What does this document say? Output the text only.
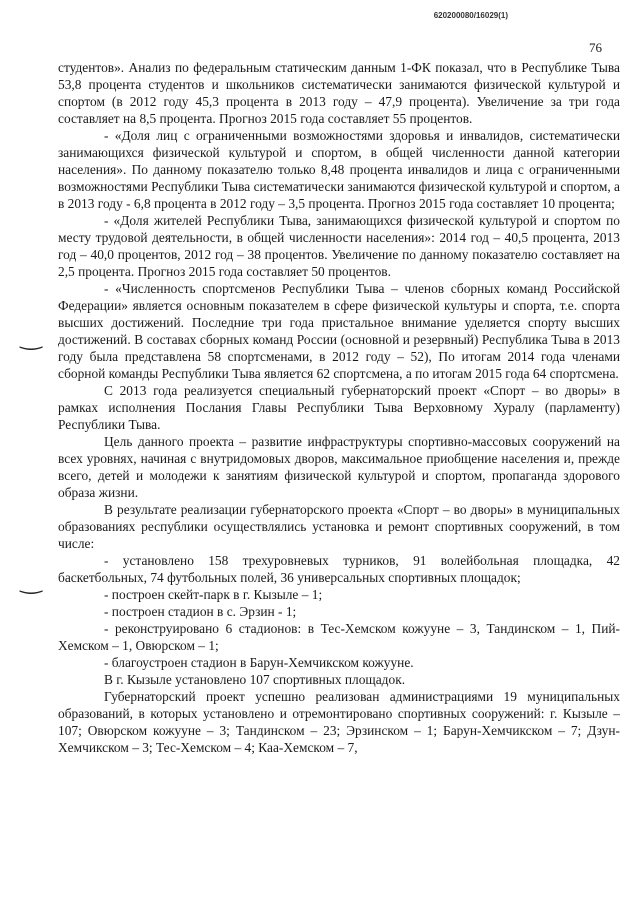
620200080/16029(1)
76
‿
‿

студентов». Анализ по федеральным статическим данным 1-ФК показал, что в Республике Тыва 53,8 процента студентов и школьников систематически занимаются физической культурой и спортом (в 2012 году 45,3 процента в 2013 году – 47,9 процента). Увеличение за три года составляет на 8,5 процента. Прогноз 2015 года составляет 55 процентов.

- «Доля лиц с ограниченными возможностями здоровья и инвалидов, систематически занимающихся физической культурой и спортом, в общей численности данной категории населения». По данному показателю только 8,48 процента инвалидов и лица с ограниченными возможностями Республики Тыва систематически занимаются физической культурой и спортом, а в 2013 году - 6,8 процента в 2012 году – 3,5 процента. Прогноз 2015 года составляет 10 процента;

- «Доля жителей Республики Тыва, занимающихся физической культурой и спортом по месту трудовой деятельности, в общей численности населения»: 2014 год – 40,5 процента, 2013 год – 40,0 процентов, 2012 год – 38 процентов. Увеличение по данному показателю составляет на 2,5 процента. Прогноз 2015 года составляет 50 процентов.

- «Численность спортсменов Республики Тыва – членов сборных команд Российской Федерации» является основным показателем в сфере физической культуры и спорта, т.е. спорта высших достижений. Последние три года пристальное внимание уделяется спорту высших достижений. В составах сборных команд России (основной и резервный) Республика Тыва в 2013 году была представлена 58 спортсменами, в 2012 году – 52), По итогам 2014 года членами сборной команды Республики Тыва является 62 спортсмена, а по итогам 2015 года 64 спортсмена.

С 2013 года реализуется специальный губернаторский проект «Спорт – во дворы» в рамках исполнения Послания Главы Республики Тыва Верховному Хуралу (парламенту) Республики Тыва.

Цель данного проекта – развитие инфраструктуры спортивно-массовых сооружений на всех уровнях, начиная с внутридомовых дворов, максимальное приобщение населения и, прежде всего, детей и молодежи к занятиям физической культурой и спортом, пропаганда здорового образа жизни.

В результате реализации губернаторского проекта «Спорт – во дворы» в муниципальных образованиях республики осуществлялись установка и ремонт спортивных сооружений, в том числе:

- установлено 158 трехуровневых турников, 91 волейбольная площадка, 42 баскетбольных, 74 футбольных полей, 36 универсальных спортивных площадок;

- построен скейт-парк в г. Кызыле – 1;

- построен стадион в с. Эрзин - 1;

- реконструировано 6 стадионов: в Тес-Хемском кожууне – 3, Тандинском – 1, Пий-Хемском – 1, Овюрском – 1;

- благоустроен стадион в Барун-Хемчикском кожууне.

В г. Кызыле установлено 107 спортивных площадок.

Губернаторский проект успешно реализован администрациями 19 муниципальных образований, в которых установлено и отремонтировано спортивных сооружений: г. Кызыле – 107; Овюрском кожууне – 3; Тандинском – 23; Эрзинском – 1; Барун-Хемчикском – 7; Дзун-Хемчикском – 3; Тес-Хемском – 4; Каа-Хемском – 7,
